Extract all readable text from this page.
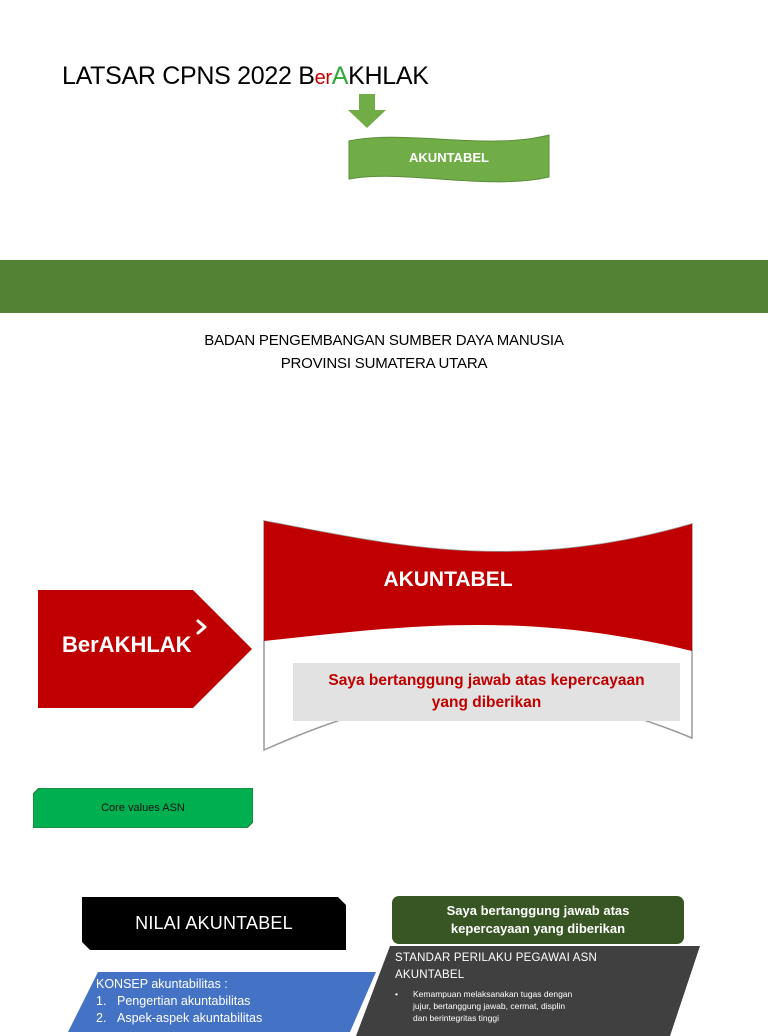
LATSAR CPNS 2022 BerAKHLAK
AKUNTABEL
BADAN PENGEMBANGAN SUMBER DAYA MANUSIA
PROVINSI SUMATERA UTARA
BerAKHLAK
AKUNTABEL
Saya bertanggung jawab atas kepercayaan
yang diberikan
Core values ASN
NILAI AKUNTABEL
Saya bertanggung jawab atas
kepercayaan yang diberikan
KONSEP akuntabilitas :
1. Pengertian akuntabilitas
2. Aspek-aspek akuntabilitas
STANDAR PERILAKU PEGAWAI ASN
AKUNTABEL
•	Kemampuan melaksanakan tugas dengan
jujur, bertanggung jawab, cermat, displin
dan berintegritas tinggi
